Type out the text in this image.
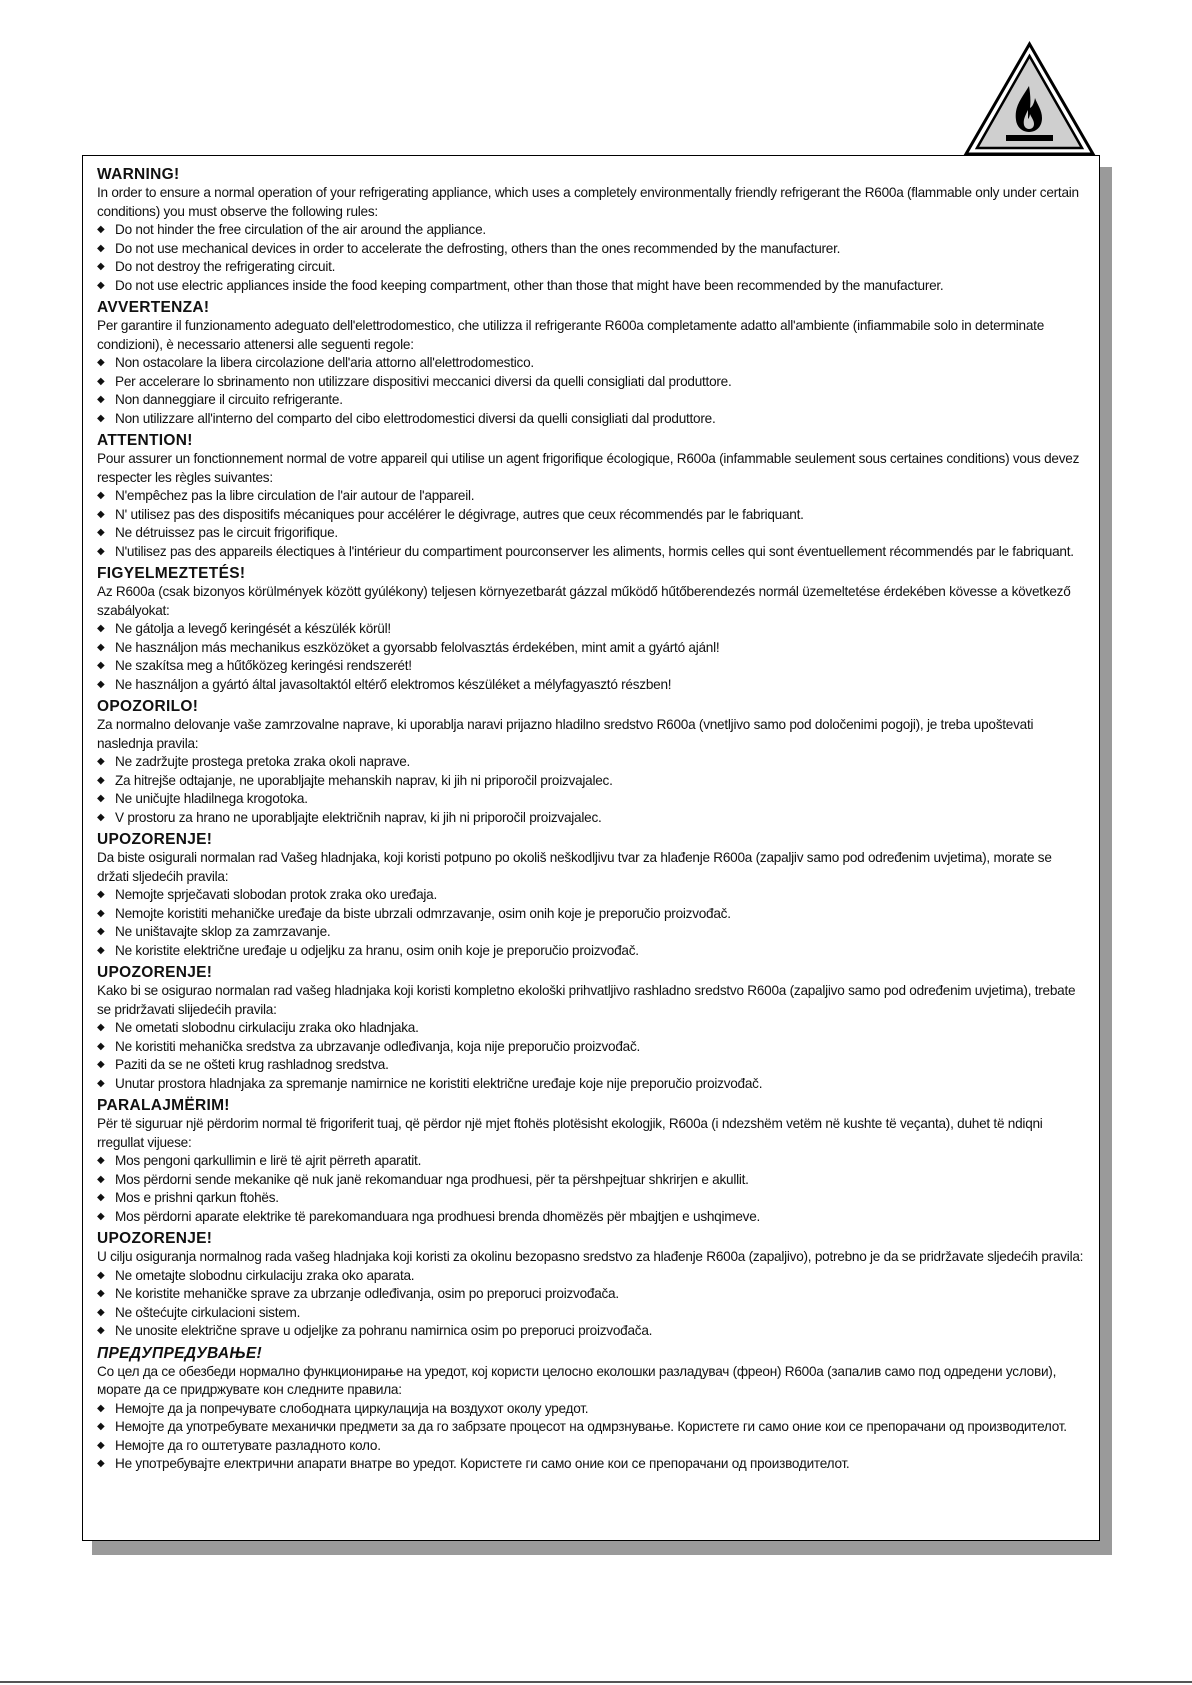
WARNING!
In order to ensure a normal operation of your refrigerating appliance, which uses a completely environmentally friendly refrigerant the R600a (flammable only under certain conditions) you must observe the following rules:
◆ Do not hinder the free circulation of the air around the appliance.
◆ Do not use mechanical devices in order to accelerate the defrosting, others than the ones recommended by the manufacturer.
◆ Do not destroy the refrigerating circuit.
◆ Do not use electric appliances inside the food keeping compartment, other than those that might have been recommended by the manufacturer.
AVVERTENZA!
Per garantire il funzionamento adeguato dell'elettrodomestico, che utilizza il refrigerante R600a completamente adatto all'ambiente (infiammabile solo in determinate condizioni), è necessario attenersi alle seguenti regole:
◆ Non ostacolare la libera circolazione dell'aria attorno all'elettrodomestico.
◆ Per accelerare lo sbrinamento non utilizzare dispositivi meccanici diversi da quelli consigliati dal produttore.
◆ Non danneggiare il circuito refrigerante.
◆ Non utilizzare all'interno del comparto del cibo elettrodomestici diversi da quelli consigliati dal produttore.
ATTENTION!
Pour assurer un fonctionnement normal de votre appareil qui utilise un agent frigorifique écologique, R600a (infammable seulement sous certaines conditions) vous devez respecter les règles suivantes:
◆ N'empêchez pas la libre circulation de l'air autour de l'appareil.
◆ N' utilisez pas des dispositifs mécaniques pour accélérer le dégivrage, autres que ceux récommendés par le fabriquant.
◆ Ne détruissez pas le circuit frigorifique.
◆ N'utilisez pas des appareils électiques à l'intérieur du compartiment pourconserver les aliments, hormis celles qui sont éventuellement récommendés par le fabriquant.
FIGYELMEZTETÉS!
Az R600a (csak bizonyos körülmények között gyúlékony) teljesen környezetbarát gázzal működő hűtőberendezés normál üzemeltetése érdekében kövesse a következő szabályokat:
◆ Ne gátolja a levegő keringését a készülék körül!
◆ Ne használjon más mechanikus eszközöket a gyorsabb felolvasztás érdekében, mint amit a gyártó ajánl!
◆ Ne szakítsa meg a hűtőközeg keringési rendszerét!
◆ Ne használjon a gyártó által javasoltaktól eltérő elektromos készüléket a mélyfagyasztó részben!
OPOZORILO!
Za normalno delovanje vaše zamrzovalne naprave, ki uporablja naravi prijazno hladilno sredstvo R600a (vnetljivo samo pod določenimi pogoji), je treba upoštevati naslednja pravila:
◆ Ne zadržujte prostega pretoka zraka okoli naprave.
◆ Za hitrejše odtajanje, ne uporabljajte mehanskih naprav, ki jih ni priporočil proizvajalec.
◆ Ne uničujte hladilnega krogotoka.
◆ V prostoru za hrano ne uporabljajte električnih naprav, ki jih ni priporočil proizvajalec.
UPOZORENJE!
Da biste osigurali normalan rad Vašeg hladnjaka, koji koristi potpuno po okoliš neškodljivu tvar za hlađenje R600a (zapaljiv samo pod određenim uvjetima), morate se držati sljedećih pravila:
◆ Nemojte sprječavati slobodan protok zraka oko uređaja.
◆ Nemojte koristiti mehaničke uređaje da biste ubrzali odmrzavanje, osim onih koje je preporučio proizvođač.
◆ Ne uništavajte sklop za zamrzavanje.
◆ Ne koristite električne uređaje u odjeljku za hranu, osim onih koje je preporučio proizvođač.
UPOZORENJE!
Kako bi se osigurao normalan rad vašeg hladnjaka koji koristi kompletno ekološki prihvatljivo rashladno sredstvo R600a (zapaljivo samo pod određenim uvjetima), trebate se pridržavati slijedećih pravila:
◆ Ne ometati slobodnu cirkulaciju zraka oko hladnjaka.
◆ Ne koristiti mehanička sredstva za ubrzavanje odleđivanja, koja nije preporučio proizvođač.
◆ Paziti da se ne ošteti krug rashladnog sredstva.
◆ Unutar prostora hladnjaka za spremanje namirnice ne koristiti električne uređaje koje nije preporučio proizvođač.
PARALAJMËRIM!
Për të siguruar një përdorim normal të frigoriferit tuaj, që përdor një mjet ftohës plotësisht ekologjik, R600a (i ndezshëm vetëm në kushte të veçanta), duhet të ndiqni rregullat vijuese:
◆ Mos pengoni qarkullimin e lirë të ajrit përreth aparatit.
◆ Mos përdorni sende mekanike që nuk janë rekomanduar nga prodhuesi, për ta përshpejtuar shkrirjen e akullit.
◆ Mos e prishni qarkun ftohës.
◆ Mos përdorni aparate elektrike të parekomanduara nga prodhuesi brenda dhomëzës për mbajtjen e ushqimeve.
UPOZORENJE!
U cilju osiguranja normalnog rada vašeg hladnjaka koji koristi za okolinu bezopasno sredstvo za hlađenje R600a (zapaljivo), potrebno je da se pridržavate sljedećih pravila:
◆ Ne ometajte slobodnu cirkulaciju zraka oko aparata.
◆ Ne koristite mehaničke sprave za ubrzanje odleđivanja, osim po preporuci proizvođača.
◆ Ne oštećujte cirkulacioni sistem.
◆ Ne unosite električne sprave u odjeljke za pohranu namirnica osim po preporuci proizvođača.
ПРЕДУПРЕДУВАЊЕ!
Со цел да се обезбеди нормално функционирање на уредот, кој користи целосно еколошки разладувач (фреон) R600a (запалив само под одредени услови), морате да се придржувате кон следните правила:
◆ Немојте да ја попречувате слободната циркулација на воздухот околу уредот.
◆ Немојте да употребувате механички предмети за да го забрзате процесот на одмрзнување. Користете ги само оние кои се препорачани од производителот.
◆ Немојте да го оштетувате разладното коло.
◆ Не употребувајте електрични апарати внатре во уредот. Користете ги само оние кои се препорачани од производителот.
